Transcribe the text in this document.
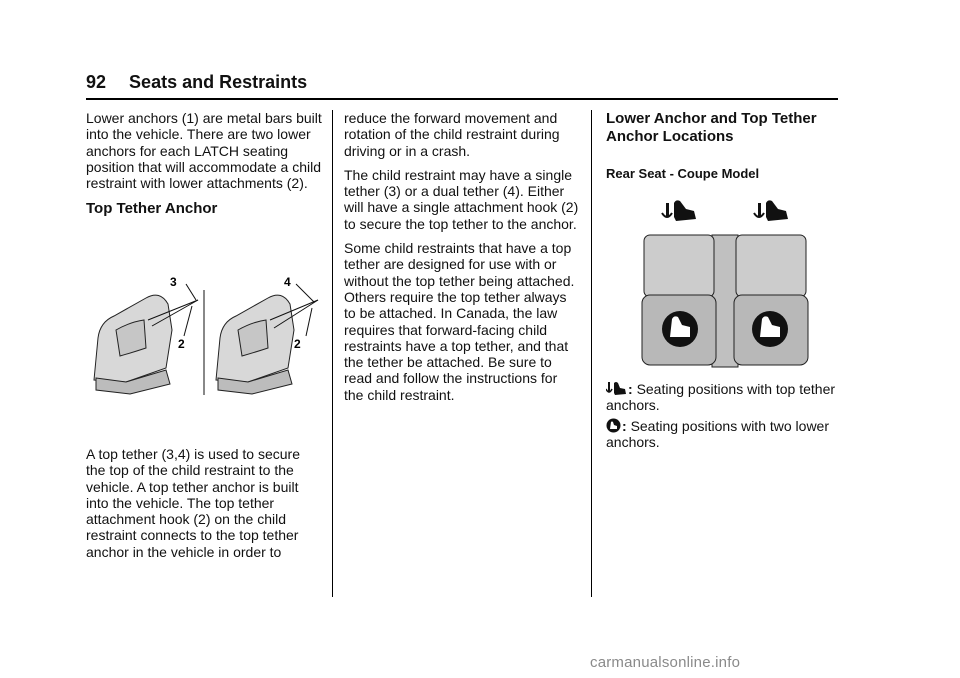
92 Seats and Restraints

Lower anchors (1) are metal bars built into the vehicle. There are two lower anchors for each LATCH seating position that will accommodate a child restraint with lower attachments (2).

Top Tether Anchor
3
2
4
2

A top tether (3,4) is used to secure the top of the child restraint to the vehicle. A top tether anchor is built into the vehicle. The top tether attachment hook (2) on the child restraint connects to the top tether anchor in the vehicle in order to

reduce the forward movement and rotation of the child restraint during driving or in a crash.

The child restraint may have a single tether (3) or a dual tether (4). Either will have a single attachment hook (2) to secure the top tether to the anchor.

Some child restraints that have a top tether are designed for use with or without the top tether being attached. Others require the top tether always to be attached. In Canada, the law requires that forward-facing child restraints have a top tether, and that the tether be attached. Be sure to read and follow the instructions for the child restraint.

Lower Anchor and Top Tether Anchor Locations
Rear Seat - Coupe Model
: Seating positions with top tether anchors.
: Seating positions with two lower anchors.
carmanualsonline.info
